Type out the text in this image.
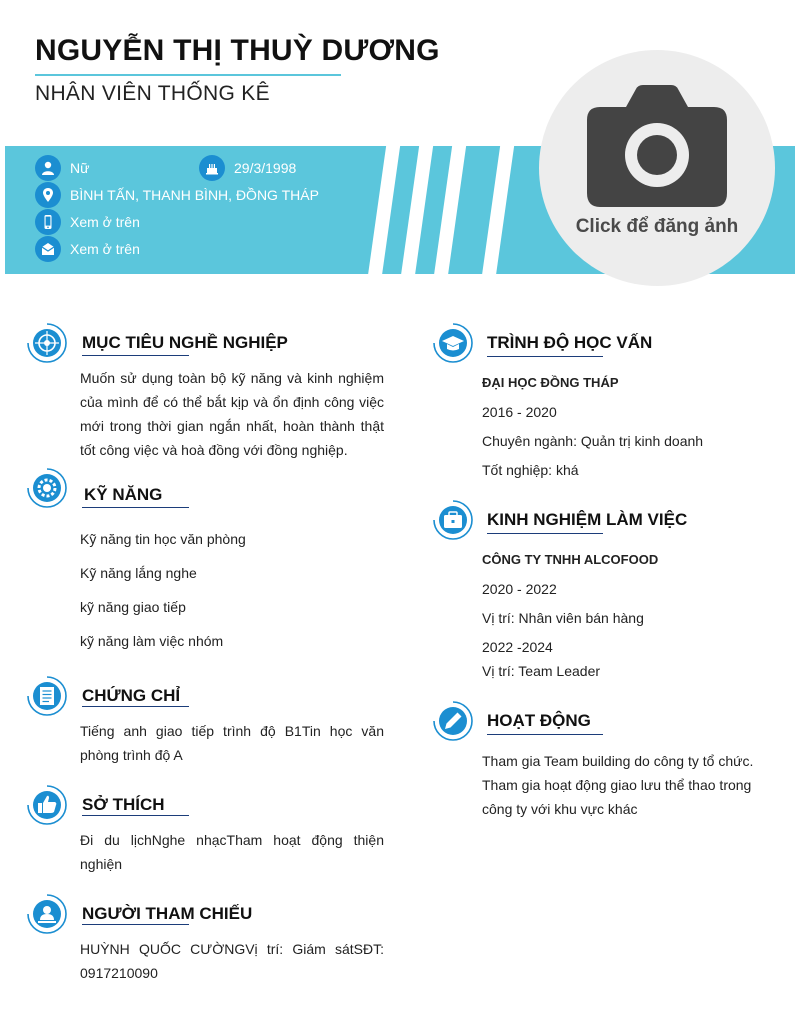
NGUYỄN THỊ THUỲ DƯƠNG
NHÂN VIÊN THỐNG KÊ
Nữ	29/3/1998
BÌNH TẤN, THANH BÌNH, ĐỒNG THÁP
Xem ở trên
Xem ở trên
Click để đăng ảnh
MỤC TIÊU NGHỀ NGHIỆP
Muốn sử dụng toàn bộ kỹ năng và kinh nghiệm của mình để có thể bắt kịp và ổn định công việc mới trong thời gian ngắn nhất, hoàn thành thật tốt công việc và hoà đồng với đồng nghiệp.
KỸ NĂNG
Kỹ năng tin học văn phòng
Kỹ năng lắng nghe
kỹ năng giao tiếp
kỹ năng làm việc nhóm
CHỨNG CHỈ
Tiếng anh giao tiếp trình độ B1Tin học văn phòng trình độ A
SỞ THÍCH
Đi du lịchNghe nhạcTham hoạt động thiện nghiện
NGƯỜI THAM CHIẾU
HUỲNH QUỐC CƯỜNGVị trí: Giám sátSĐT: 0917210090
TRÌNH ĐỘ HỌC VẤN
ĐẠI HỌC ĐỒNG THÁP
2016 - 2020
Chuyên ngành: Quản trị kinh doanh
Tốt nghiệp: khá
KINH NGHIỆM LÀM VIỆC
CÔNG TY TNHH ALCOFOOD
2020 - 2022
Vị trí: Nhân viên bán hàng
2022 -2024
Vị trí: Team Leader
HOẠT ĐỘNG
Tham gia Team building do công ty tổ chức. Tham gia hoạt động giao lưu thể thao trong công ty với khu vực khác
